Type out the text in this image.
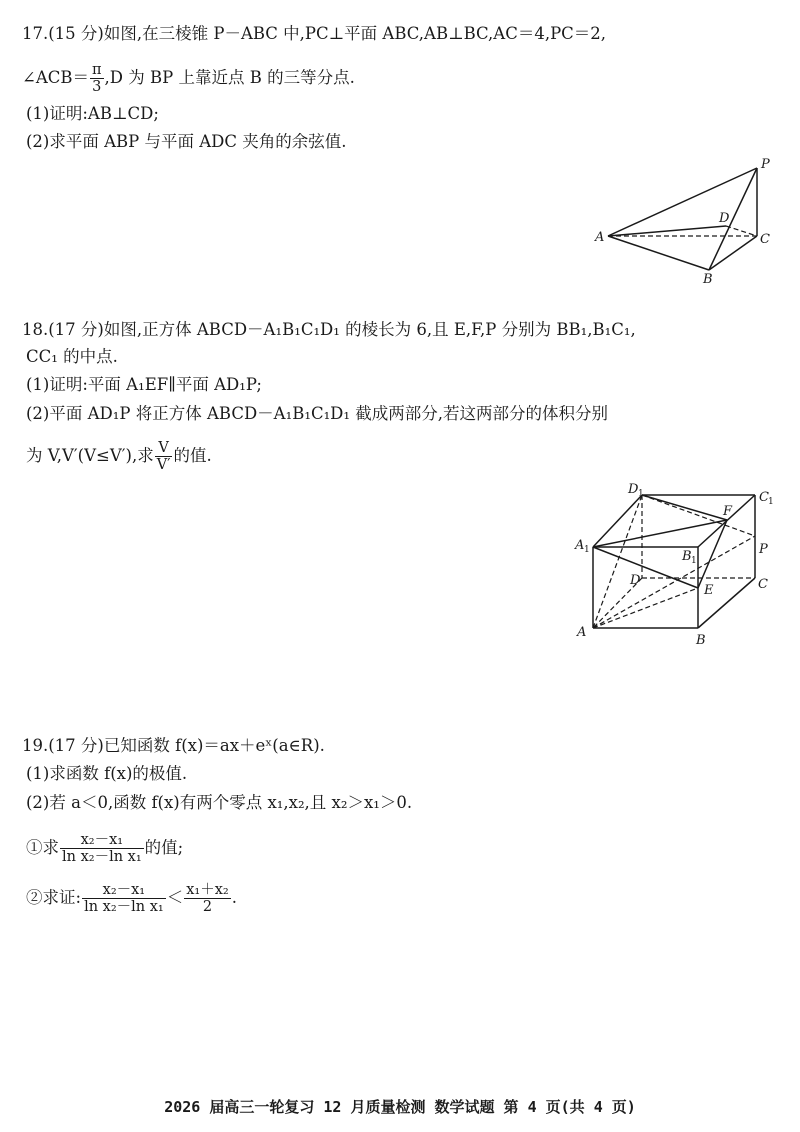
17.(15 分)如图,在三棱锥 P－ABC 中,PC⊥平面 ABC,AB⊥BC,AC＝4,PC＝2,
∠ACB＝ $\frac{\pi}{3} ,D$ 为 BP 上靠近点 B 的三等分点.
(1)证明:AB⊥CD;
(2)求平面 ABP 与平面 ADC 夹角的余弦值.
P
A	C
B
D
18.(17 分)如图,正方体 ABCD－A₁B₁C₁D₁ 的棱长为 6,且 E,F,P 分别为 BB₁,B₁C₁,
CC₁ 的中点.
(1)证明:平面 A₁EF∥平面 AD₁P;
(2)平面 AD₁P 将正方体 ABCD－A₁B₁C₁D₁ 截成两部分,若这两部分的体积分别
为 V,V′(V≤V′),求 $\frac{V}{V'}$ 的值.
D 1	C 1
A 1	B 1
F
P
D	C
E
A
B
19.(17 分)已知函数 f(x)＝ax＋eˣ(a∈R).
(1)求函数 f(x)的极值.
(2)若 a＜0,函数 f(x)有两个零点 x₁,x₂,且 x₂＞x₁＞0.
①求 $\frac{\text{x₂－x₁}}{\text{ln x₂－ln x₁}}$ 的值;
②求证: $\frac{\text{x₂－x₁}}{\text{ln x₂－ln x₁}} < \frac{\text{x₁＋x₂}}{2}$ .
2026 届高三一轮复习 12 月质量检测 数学试题 第 4 页(共 4 页)
